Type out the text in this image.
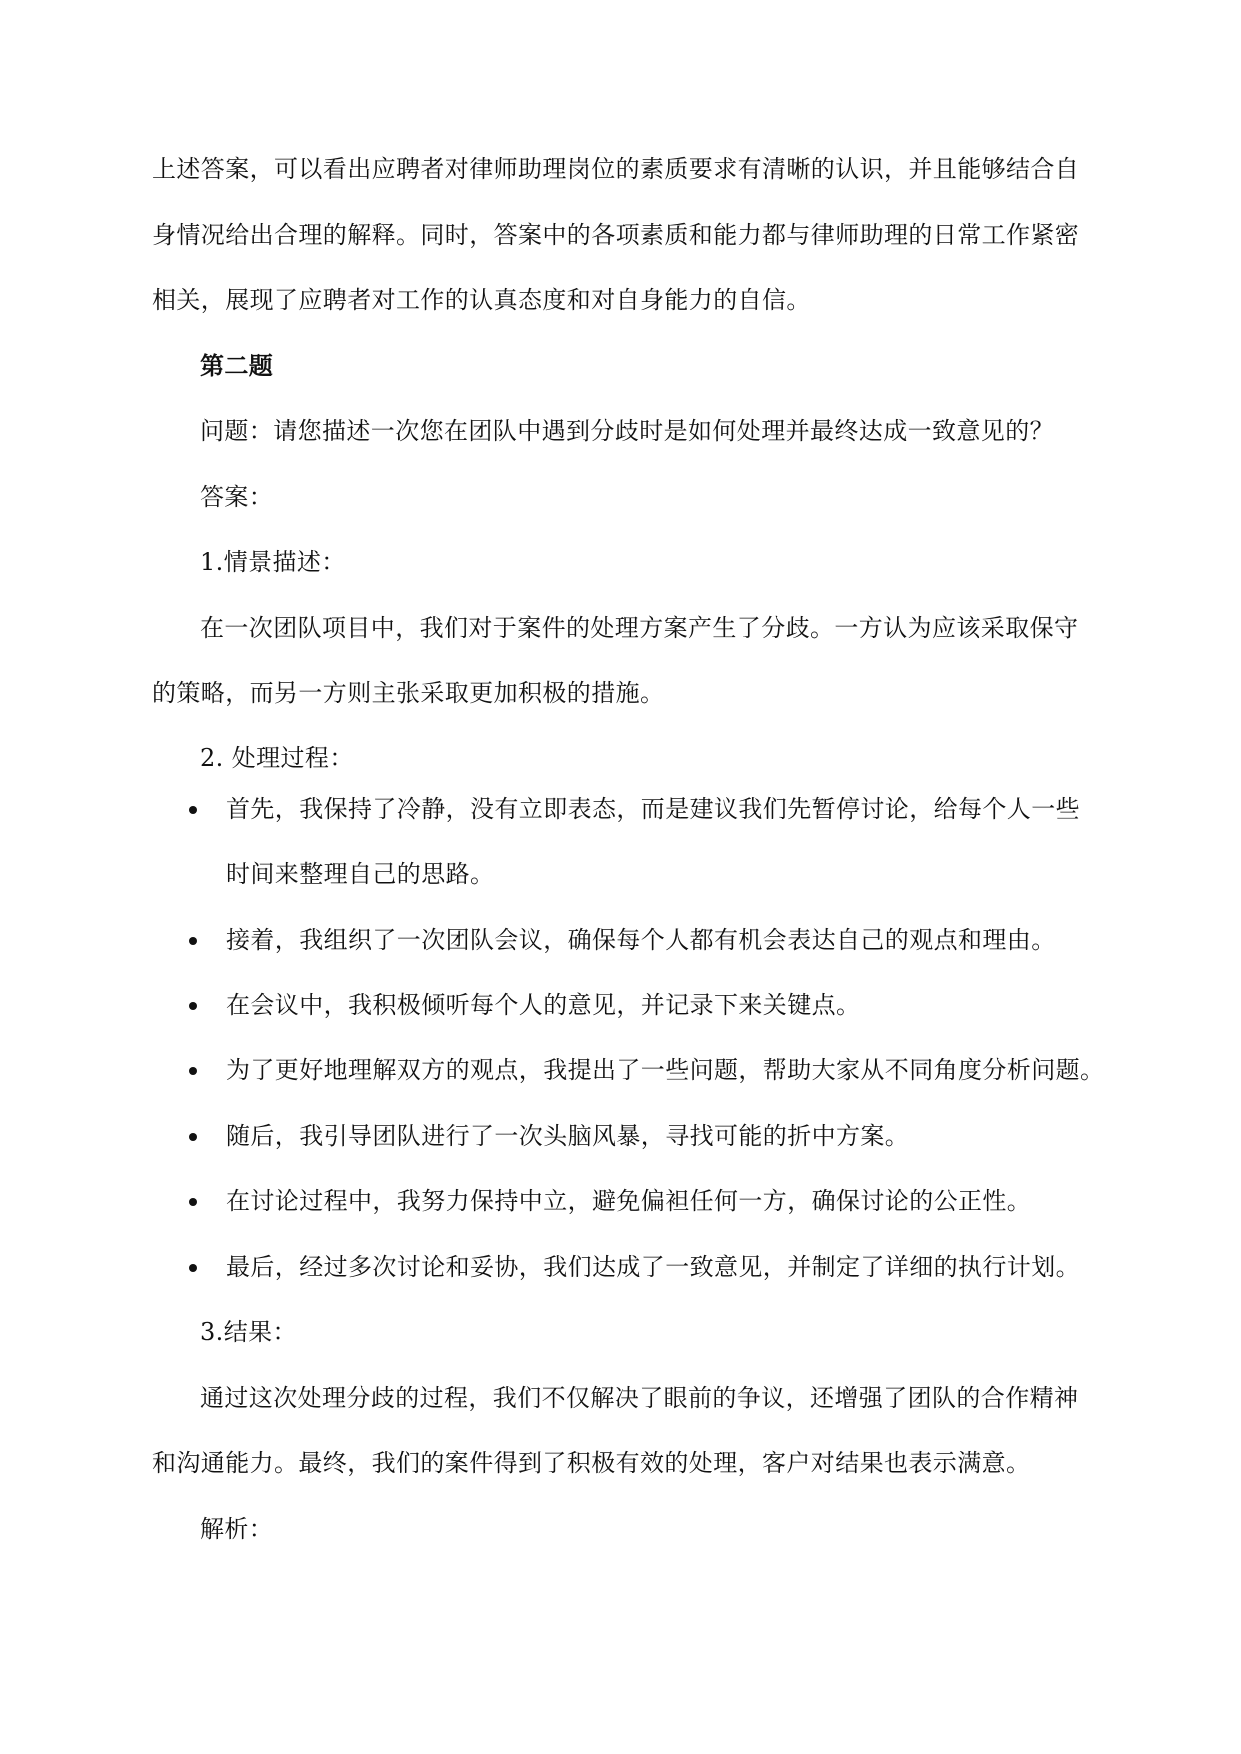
上述答案，可以看出应聘者对律师助理岗位的素质要求有清晰的认识，并且能够结合自
身情况给出合理的解释。同时，答案中的各项素质和能力都与律师助理的日常工作紧密
相关，展现了应聘者对工作的认真态度和对自身能力的自信。
第二题
问题：请您描述一次您在团队中遇到分歧时是如何处理并最终达成一致意见的？
答案：
1.情景描述：
在一次团队项目中，我们对于案件的处理方案产生了分歧。一方认为应该采取保守
的策略，而另一方则主张采取更加积极的措施。
2. 处理过程：
首先，我保持了冷静，没有立即表态，而是建议我们先暂停讨论，给每个人一些
时间来整理自己的思路。
接着，我组织了一次团队会议，确保每个人都有机会表达自己的观点和理由。
在会议中，我积极倾听每个人的意见，并记录下来关键点。
为了更好地理解双方的观点，我提出了一些问题，帮助大家从不同角度分析问题。
随后，我引导团队进行了一次头脑风暴，寻找可能的折中方案。
在讨论过程中，我努力保持中立，避免偏袒任何一方，确保讨论的公正性。
最后，经过多次讨论和妥协，我们达成了一致意见，并制定了详细的执行计划。
3.结果：
通过这次处理分歧的过程，我们不仅解决了眼前的争议，还增强了团队的合作精神
和沟通能力。最终，我们的案件得到了积极有效的处理，客户对结果也表示满意。
解析：
